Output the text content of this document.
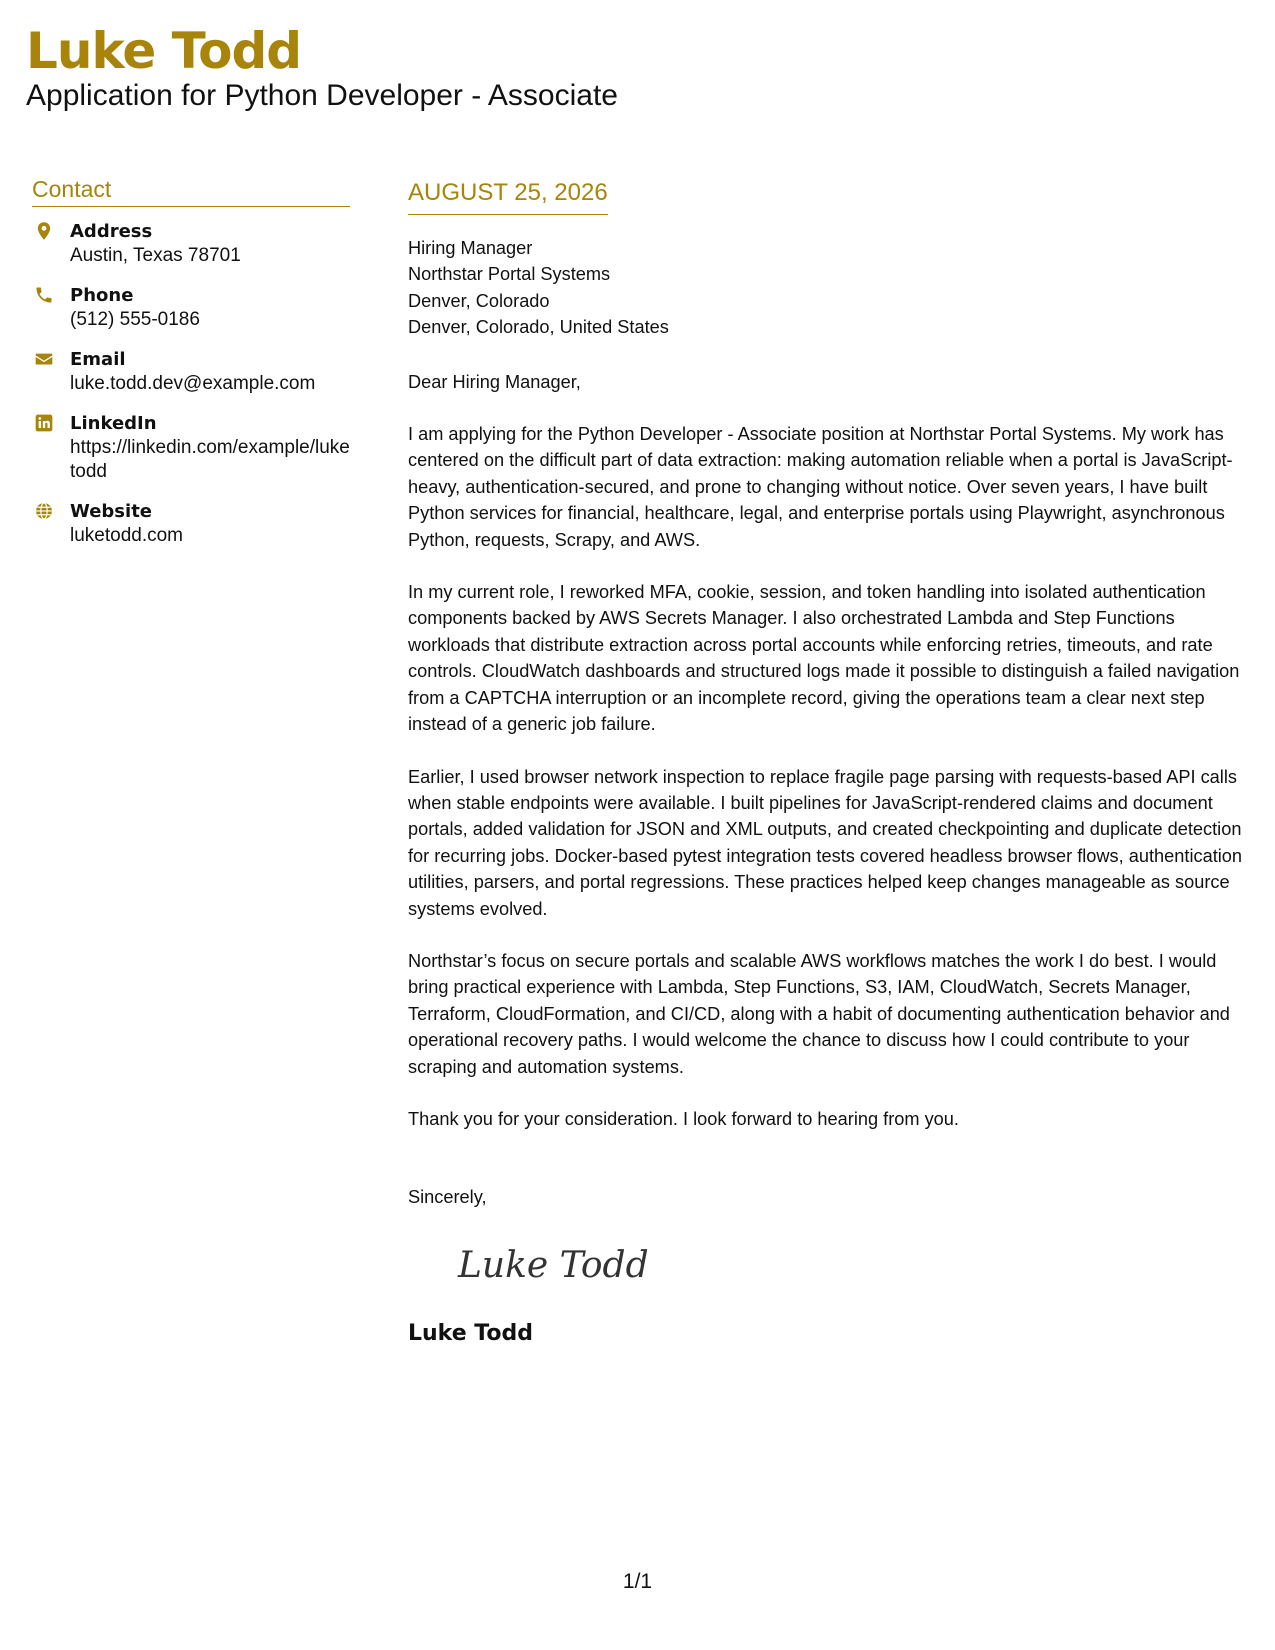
Luke Todd
Application for Python Developer - Associate
Contact
Address
Austin, Texas 78701
Phone
(512) 555-0186
Email
luke.todd.dev@example.com
LinkedIn
https://linkedin.com/example/luketodd
Website
luketodd.com
AUGUST 25, 2026
Hiring Manager
Northstar Portal Systems
Denver, Colorado
Denver, Colorado, United States
Dear Hiring Manager,
I am applying for the Python Developer - Associate position at Northstar Portal Systems. My work has centered on the difficult part of data extraction: making automation reliable when a portal is JavaScript-heavy, authentication-secured, and prone to changing without notice. Over seven years, I have built Python services for financial, healthcare, legal, and enterprise portals using Playwright, asynchronous Python, requests, Scrapy, and AWS.
In my current role, I reworked MFA, cookie, session, and token handling into isolated authentication components backed by AWS Secrets Manager. I also orchestrated Lambda and Step Functions workloads that distribute extraction across portal accounts while enforcing retries, timeouts, and rate controls. CloudWatch dashboards and structured logs made it possible to distinguish a failed navigation from a CAPTCHA interruption or an incomplete record, giving the operations team a clear next step instead of a generic job failure.
Earlier, I used browser network inspection to replace fragile page parsing with requests-based API calls when stable endpoints were available. I built pipelines for JavaScript-rendered claims and document portals, added validation for JSON and XML outputs, and created checkpointing and duplicate detection for recurring jobs. Docker-based pytest integration tests covered headless browser flows, authentication utilities, parsers, and portal regressions. These practices helped keep changes manageable as source systems evolved.
Northstar’s focus on secure portals and scalable AWS workflows matches the work I do best. I would bring practical experience with Lambda, Step Functions, S3, IAM, CloudWatch, Secrets Manager, Terraform, CloudFormation, and CI/CD, along with a habit of documenting authentication behavior and operational recovery paths. I would welcome the chance to discuss how I could contribute to your scraping and automation systems.
Thank you for your consideration. I look forward to hearing from you.
Sincerely,
Luke Todd
Luke Todd
1/1
